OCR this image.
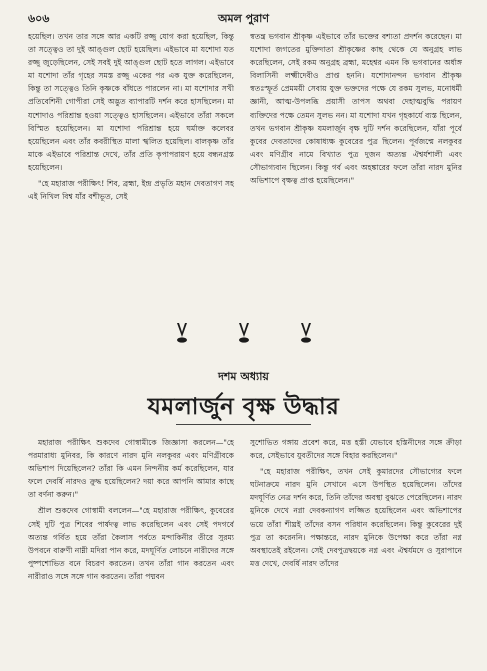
৬০৬	অমল পুরাণ

হয়েছিল। তখন তার সঙ্গে আর একটি রজ্জু যোগ করা হয়েছিল, কিন্তু তা সত্ত্বেও তা দুই আঙ্গুল ছোট হয়েছিল। এইভাবে মা যশোদা যত রজ্জু জুড়েছিলেন, সেই সবই দুই আঙ্গুল ছোট হতে লাগল। এইভাবে মা যশোদা তাঁর গৃহের সমস্ত রজ্জু একের পর এক যুক্ত করেছিলেন, কিন্তু তা সত্ত্বেও তিনি কৃষ্ণকে বাঁধতে পারলেন না। মা যশোদার সখী প্রতিবেশিনী গোপীরা সেই অদ্ভুত ব্যাপারটি দর্শন করে হাসছিলেন। মা যশোদাও পরিশ্রান্ত হওয়া সত্ত্বেও হাসছিলেন। এইভাবে তাঁরা সকলে বিস্মিত হয়েছিলেন। মা যশোদা পরিশ্রান্ত হয়ে ঘর্মাক্ত কলেবর হয়েছিলেন এবং তাঁর কবরীস্থিত মালা স্খলিত হয়েছিল। বালকৃষ্ণ তাঁর মাকে এইভাবে পরিশ্রান্ত দেখে, তাঁর প্রতি কৃপাপরায়ণ হয়ে বন্ধনগ্রস্ত হয়েছিলেন।

"হে মহারাজ পরীক্ষিৎ! শিব, ব্রহ্মা, ইন্দ্র প্রভৃতি মহান দেবতাগণ সহ এই নিখিল বিশ্ব যাঁর বশীভূত, সেই

স্বতন্ত্র ভগবান শ্রীকৃষ্ণ এইভাবে তাঁর ভক্তের বশ্যতা প্রদর্শন করেছেন। মা যশোদা জগতের মুক্তিদাতা শ্রীকৃষ্ণের কাছ থেকে যে অনুগ্রহ লাভ করেছিলেন, সেই রকম অনুগ্রহ ব্রহ্মা, মহেশ্বর এমন কি ভগবানের অর্ধাঙ্গ বিলাসিনী লক্ষ্মীদেবীও প্রাপ্ত হননি। যশোদানন্দন ভগবান শ্রীকৃষ্ণ স্বতঃস্ফূর্ত প্রেমময়ী সেবায় যুক্ত ভক্তদের পক্ষে যে রকম সুলভ, মনোধর্মী জ্ঞানী, আত্ম-উপলব্ধি প্রয়াসী তাপস অথবা দেহাত্মবুদ্ধি পরায়ণ ব্যক্তিদের পক্ষে তেমন সুলভ নন। মা যশোদা যখন গৃহকার্যে ব্যস্ত ছিলেন, তখন ভগবান শ্রীকৃষ্ণ যমলার্জুন বৃক্ষ দুটি দর্শন করেছিলেন, যাঁরা পূর্বে কুবের দেবতাদের কোষাধ্যক্ষ কুবেরের পুত্র ছিলেন। পূর্বজন্মে নলকুবর এবং মণিগ্রীব নামে বিখ্যাত পুত্র দুজন অত্যন্ত ঐশ্বর্যশালী এবং সৌভাগ্যবান ছিলেন। কিন্তু গর্ব এবং অহঙ্কারের ফলে তাঁরা নারদ মুনির অভিশাপে বৃক্ষত্ব প্রাপ্ত হয়েছিলেন।"

দশম অধ্যায়
যমলার্জুন বৃক্ষ উদ্ধার

মহারাজ পরীক্ষিৎ শুকদেব গোস্বামীকে জিজ্ঞাসা করলেন—"হে পরমারাধ্য মুনিবর, কি কারণে নারদ মুনি নলকুবর এবং মণিগ্রীবকে অভিশাপ দিয়েছিলেন? তাঁরা কি এমন নিন্দনীয় কর্ম করেছিলেন, যার ফলে দেবর্ষি নারদও ক্রুদ্ধ হয়েছিলেন? দয়া করে আপনি আমার কাছে তা বর্ণনা করুন।"

শ্রীল শুকদেব গোস্বামী বললেন—"হে মহারাজ পরীক্ষিৎ, কুবেরের সেই দুটি পুত্র শিবের পার্ষদত্ব লাভ করেছিলেন এবং সেই পদগর্বে অত্যন্ত গর্বিত হয়ে তাঁরা কৈলাস পর্বতে মন্দাকিনীর তীরে সুরম্য উপবনে বারুণী নাম্নী মদিরা পান করে, মদঘূর্ণিত লোচনে নারীদের সঙ্গে পুষ্পশোভিত বনে বিচরণ করতেন। তখন তাঁরা গান করতেন এবং নারীরাও সঙ্গে সঙ্গে গান করতেন। তাঁরা পদ্মবন

সুশোভিত গঙ্গায় প্রবেশ করে, মত্ত হস্তী যেভাবে হস্তিনীদের সঙ্গে ক্রীড়া করে, সেইভাবে যুবতীদের সঙ্গে বিহার করছিলেন।"

"হে মহারাজ পরীক্ষিৎ, তখন সেই কুমারদের সৌভাগ্যের ফলে ঘটনাক্রমে নারদ মুনি সেখানে এসে উপস্থিত হয়েছিলেন। তাঁদের মদঘূর্ণিত নেত্র দর্শন করে, তিনি তাঁদের অবস্থা বুঝতে পেরেছিলেন। নারদ মুনিকে দেখে নগ্না দেবকন্যাগণ লজ্জিত হয়েছিলেন এবং অভিশাপের ভয়ে তাঁরা শীঘ্রই তাঁদের বসন পরিধান করেছিলেন। কিন্তু কুবেরের দুই পুত্র তা করেননি। পক্ষান্তরে, নারদ মুনিকে উপেক্ষা করে তাঁরা নগ্ন অবস্থাতেই রইলেন। সেই দেবপুত্রদ্বয়কে নগ্ন এবং ঐশ্বর্যমদে ও সুরাপানে মত্ত দেখে, দেবর্ষি নারদ তাঁদের
